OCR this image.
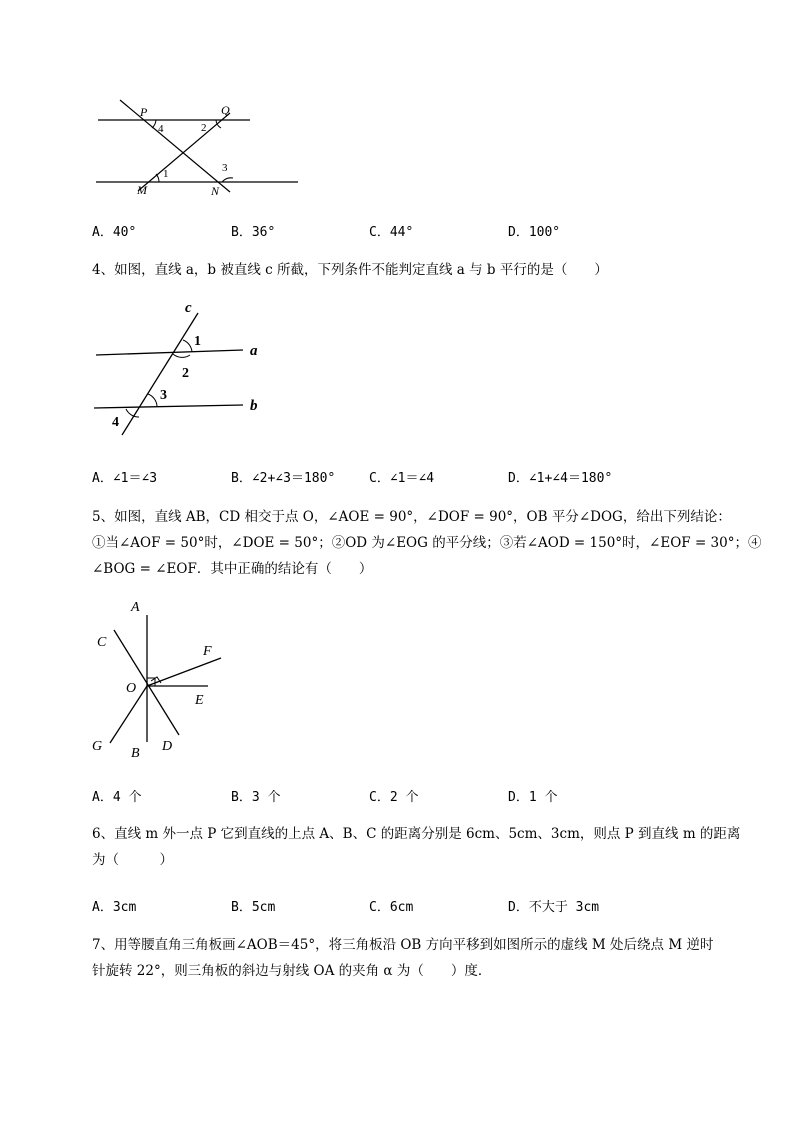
P	Q
M	N
4	2
1	3
A．40°	B．36°	C．44°	D．100°
4、如图，直线 a，b 被直线 c 所截，下列条件不能判定直线 a 与 b 平行的是（　　）
c
a
b
1
2
3
4
A．∠1＝∠3	B．∠2+∠3＝180°	C．∠1＝∠4	D．∠1+∠4＝180°
5、如图，直线 AB，CD 相交于点 O，∠AOE = 90°，∠DOF = 90°，OB 平分∠DOG，给出下列结论：
①当∠AOF = 50°时，∠DOE = 50°；②OD 为∠EOG 的平分线；③若∠AOD = 150°时，∠EOF = 30°；④
∠BOG = ∠EOF．其中正确的结论有（　　）
A
C
F
O
E
G B D
A．4 个	B．3 个	C．2 个	D．1 个
6、直线 m 外一点 P 它到直线的上点 A、B、C 的距离分别是 6cm、5cm、3cm，则点 P 到直线 m 的距离
为（　　　）
A．3cm	B．5cm	C．6cm	D．不大于 3cm
7、用等腰直角三角板画∠AOB＝45°，将三角板沿 OB 方向平移到如图所示的虚线 M 处后绕点 M 逆时
针旋转 22°，则三角板的斜边与射线 OA 的夹角 α 为（　　）度．
